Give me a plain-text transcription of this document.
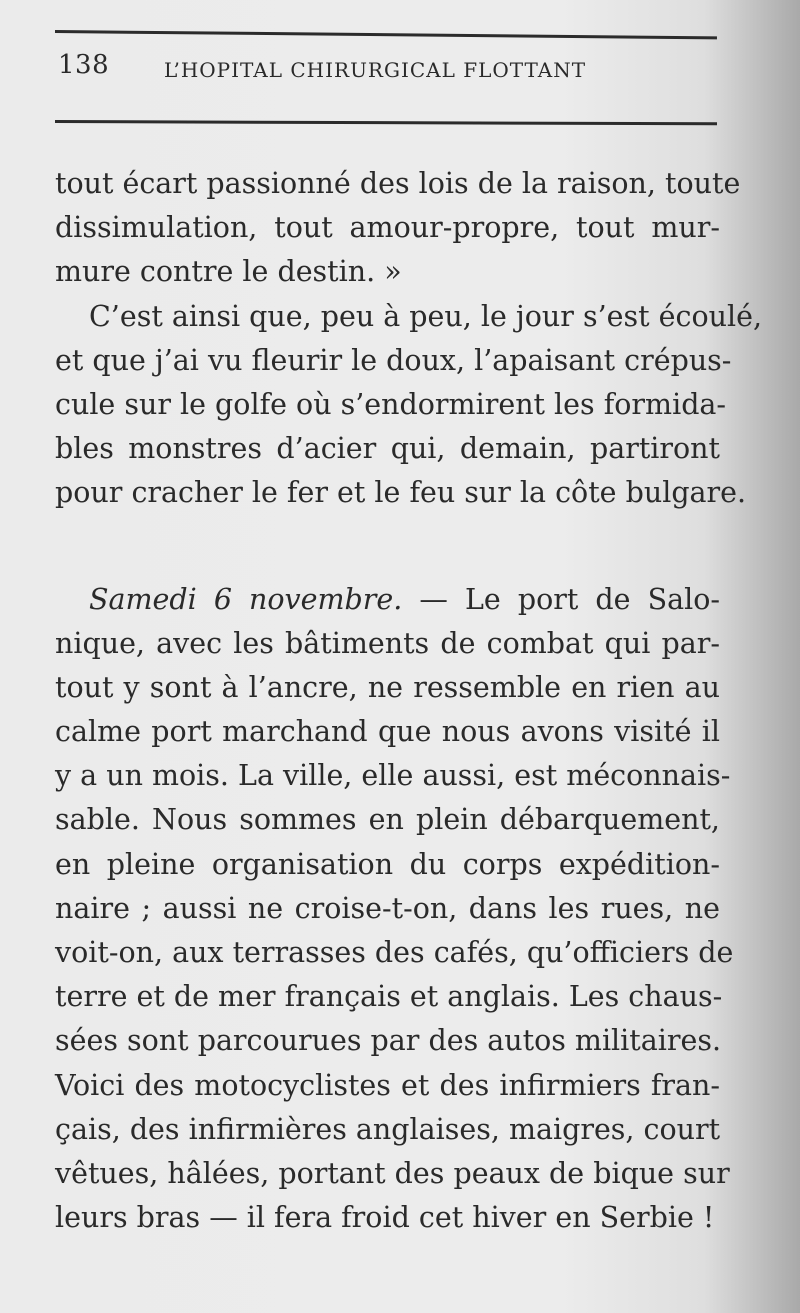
138	L’HOPITAL CHIRURGICAL FLOTTANT
tout écart passionné des lois de la raison, toute
dissimulation, tout amour-propre, tout mur-
mure contre le destin. »
C’est ainsi que, peu à peu, le jour s’est écoulé,
et que j’ai vu fleurir le doux, l’apaisant crépus-
cule sur le golfe où s’endormirent les formida-
bles monstres d’acier qui, demain, partiront
pour cracher le fer et le feu sur la côte bulgare.
Samedi 6 novembre. — Le port de Salo-
nique, avec les bâtiments de combat qui par-
tout y sont à l’ancre, ne ressemble en rien au
calme port marchand que nous avons visité il
y a un mois. La ville, elle aussi, est méconnais-
sable. Nous sommes en plein débarquement,
en pleine organisation du corps expédition-
naire ; aussi ne croise-t-on, dans les rues, ne
voit-on, aux terrasses des cafés, qu’officiers de
terre et de mer français et anglais. Les chaus-
sées sont parcourues par des autos militaires.
Voici des motocyclistes et des infirmiers fran-
çais, des infirmières anglaises, maigres, court
vêtues, hâlées, portant des peaux de bique sur
leurs bras — il fera froid cet hiver en Serbie !
